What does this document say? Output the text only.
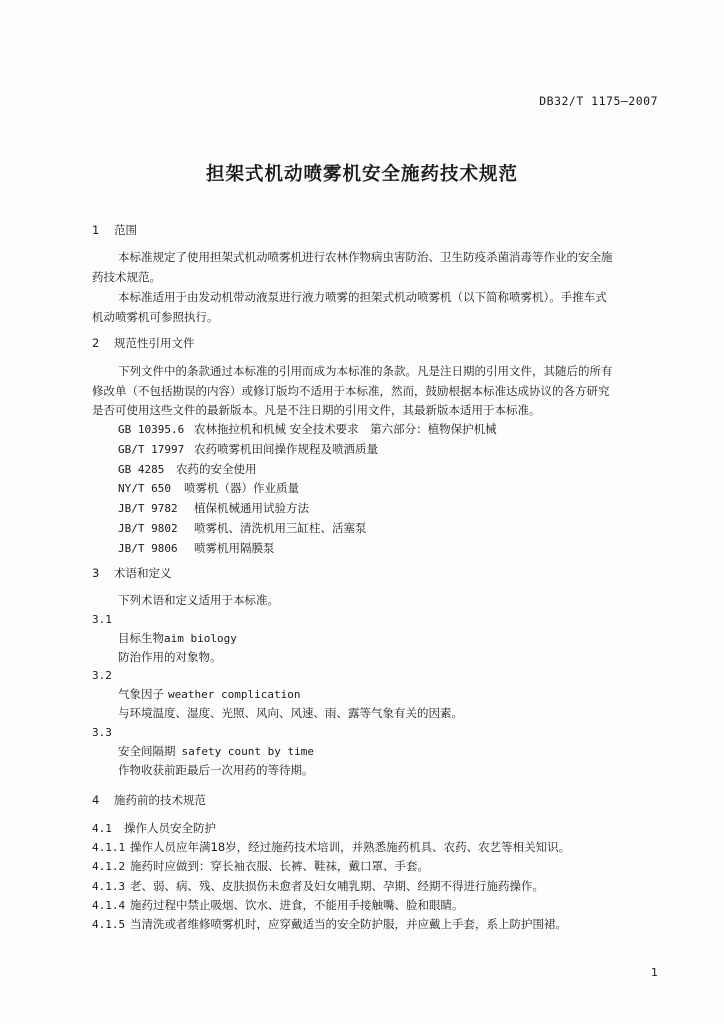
DB32/T 1175—2007
担架式机动喷雾机安全施药技术规范
1 范围
本标准规定了使用担架式机动喷雾机进行农林作物病虫害防治、卫生防疫杀菌消毒等作业的安全施
药技术规范。
本标准适用于由发动机带动液泵进行液力喷雾的担架式机动喷雾机（以下简称喷雾机）。手推车式
机动喷雾机可参照执行。
2 规范性引用文件
下列文件中的条款通过本标准的引用而成为本标准的条款。凡是注日期的引用文件，其随后的所有
修改单（不包括勘误的内容）或修订版均不适用于本标准，然而，鼓励根据本标准达成协议的各方研究
是否可使用这些文件的最新版本。凡是不注日期的引用文件，其最新版本适用于本标准。
GB 10395.6 农林拖拉机和机械 安全技术要求　第六部分：植物保护机械
GB/T 17997 农药喷雾机田间操作规程及喷洒质量
GB 4285 农药的安全使用
NY/T 650 喷雾机（器）作业质量
JB/T 9782 植保机械通用试验方法
JB/T 9802 喷雾机、清洗机用三缸柱、活塞泵
JB/T 9806 喷雾机用隔膜泵
3 术语和定义
下列术语和定义适用于本标准。
3.1
目标生物aim biology
防治作用的对象物。
3.2
气象因子 weather complication
与环境温度、湿度、光照、风向、风速、雨、露等气象有关的因素。
3.3
安全间隔期 safety count by time
作物收获前距最后一次用药的等待期。
4 施药前的技术规范
4.1 操作人员安全防护
4.1.1 操作人员应年满18岁，经过施药技术培训，并熟悉施药机具、农药、农艺等相关知识。
4.1.2 施药时应做到：穿长袖衣服、长裤、鞋袜，戴口罩、手套。
4.1.3 老、弱、病、残、皮肤损伤未愈者及妇女哺乳期、孕期、经期不得进行施药操作。
4.1.4 施药过程中禁止吸烟、饮水、进食，不能用手接触嘴、脸和眼睛。
4.1.5 当清洗或者维修喷雾机时，应穿戴适当的安全防护服，并应戴上手套，系上防护围裙。
1
